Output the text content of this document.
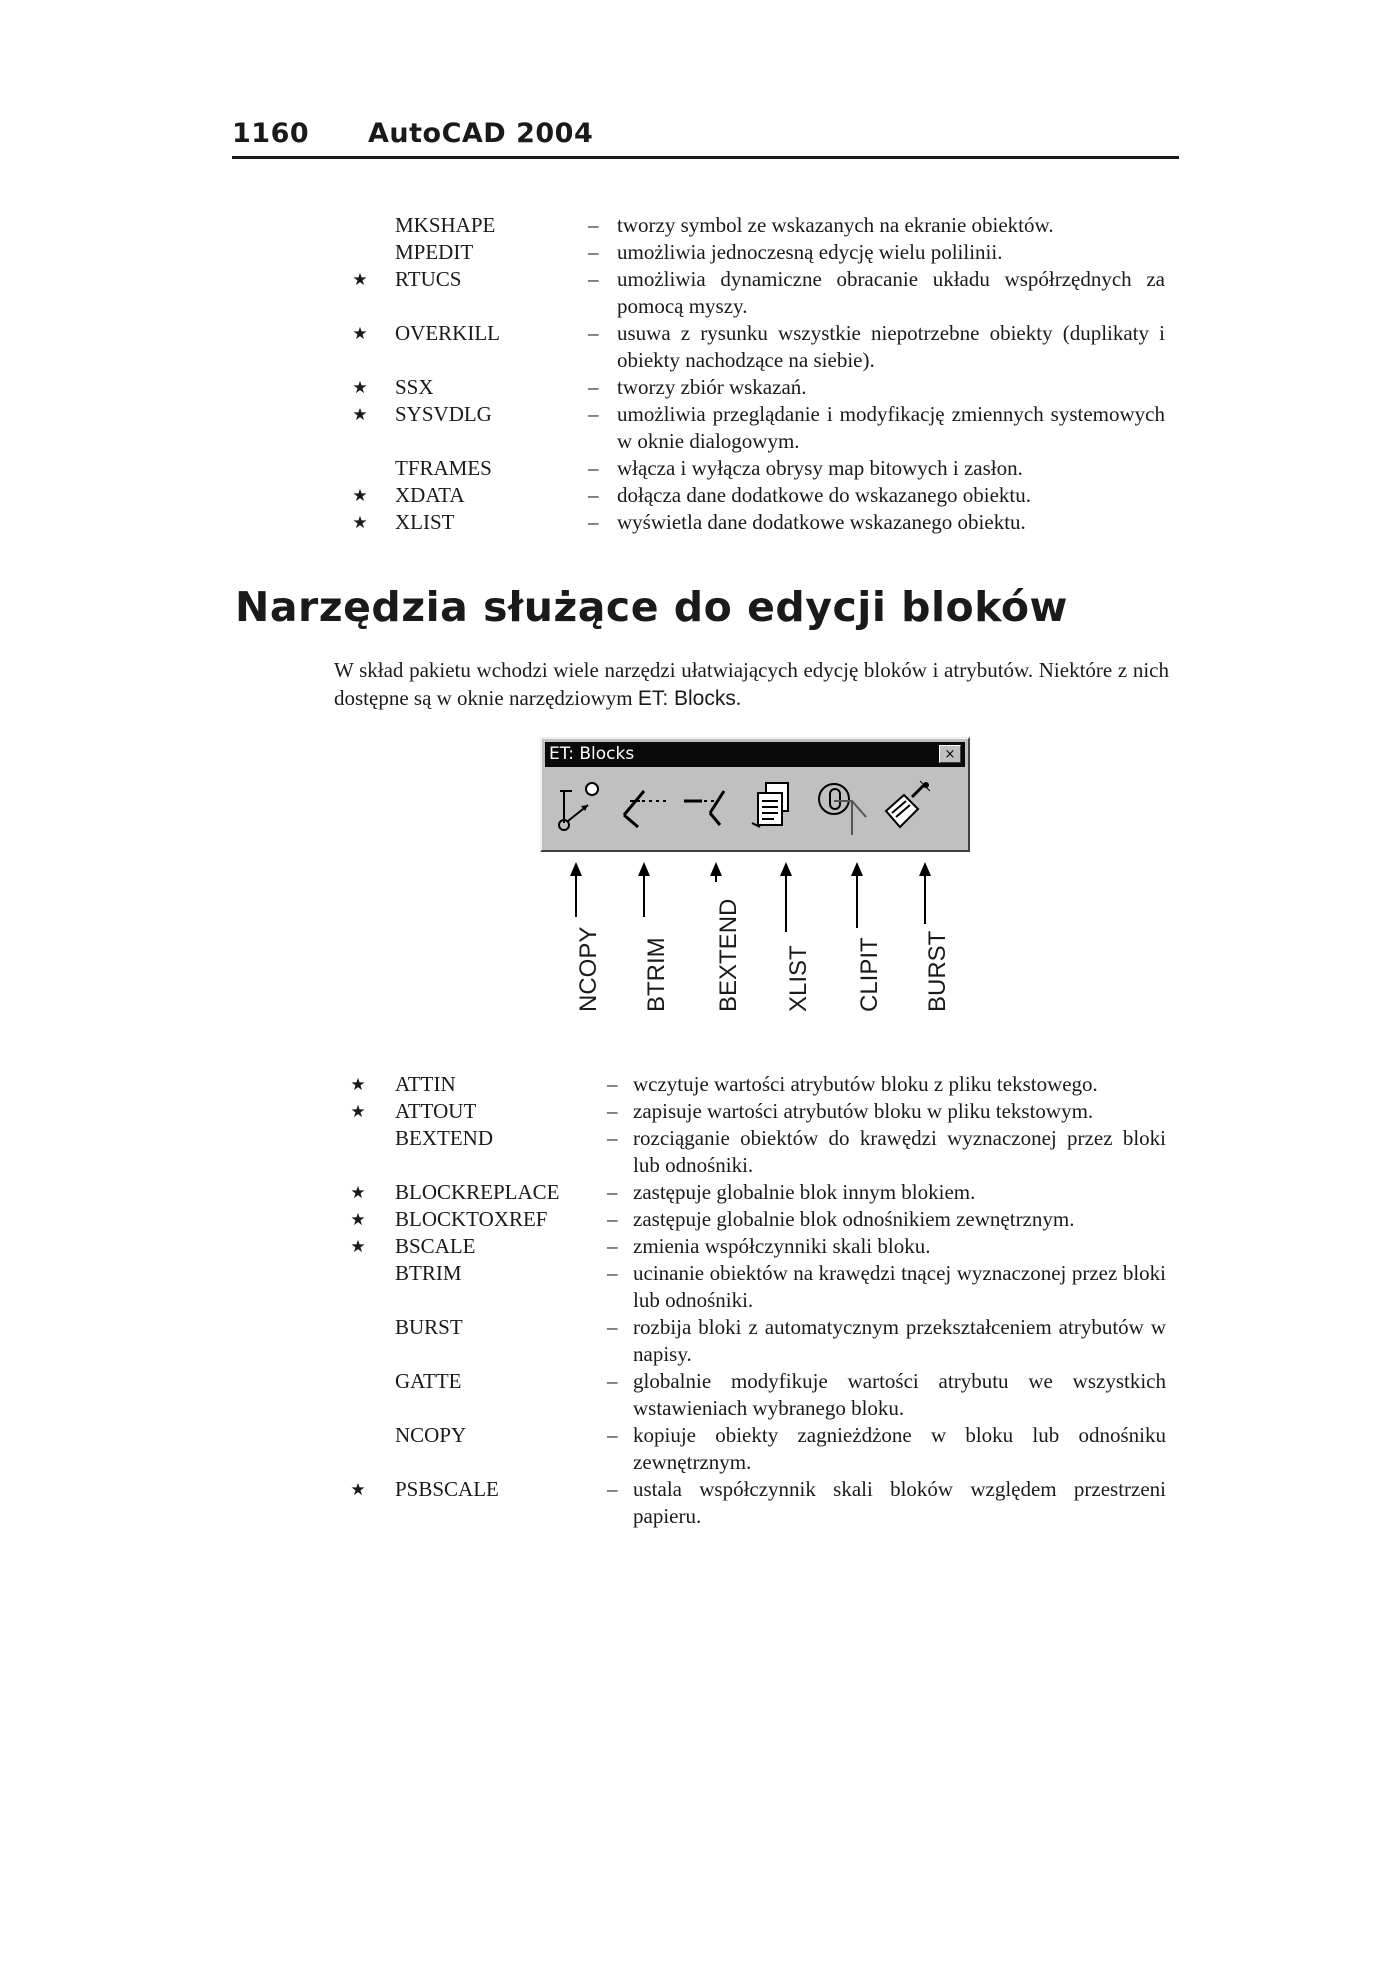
1160 AutoCAD 2004
MKSHAPE	– tworzy symbol ze wskazanych na ekranie obiektów.
MPEDIT	– umożliwia jednoczesną edycję wielu polilinii.
★ RTUCS	– umożliwia dynamiczne obracanie układu współrzędnych za pomocą myszy.
★ OVERKILL	– usuwa z rysunku wszystkie niepotrzebne obiekty (duplikaty i obiekty nachodzące na siebie).
★ SSX	– tworzy zbiór wskazań.
★ SYSVDLG	– umożliwia przeglądanie i modyfikację zmiennych systemowych w oknie dialogowym.
TFRAMES	– włącza i wyłącza obrysy map bitowych i zasłon.
★ XDATA	– dołącza dane dodatkowe do wskazanego obiektu.
★ XLIST	– wyświetla dane dodatkowe wskazanego obiektu.
Narzędzia służące do edycji bloków
W skład pakietu wchodzi wiele narzędzi ułatwiających edycję bloków i atrybutów. Niektóre z nich dostępne są w oknie narzędziowym ET: Blocks.
ET: Blocks	×
NCOPY BTRIM BEXTEND XLIST CLIPIT BURST
★ ATTIN	– wczytuje wartości atrybutów bloku z pliku tekstowego.
★ ATTOUT	– zapisuje wartości atrybutów bloku w pliku tekstowym.
BEXTEND	– rozciąganie obiektów do krawędzi wyznaczonej przez bloki lub odnośniki.
★ BLOCKREPLACE – zastępuje globalnie blok innym blokiem.
★ BLOCKTOXREF	– zastępuje globalnie blok odnośnikiem zewnętrznym.
★ BSCALE	– zmienia współczynniki skali bloku.
BTRIM	– ucinanie obiektów na krawędzi tnącej wyznaczonej przez bloki lub odnośniki.
BURST	– rozbija bloki z automatycznym przekształceniem atrybutów w napisy.
GATTE	– globalnie modyfikuje wartości atrybutu we wszystkich wstawieniach wybranego bloku.
NCOPY	– kopiuje obiekty zagnieżdżone w bloku lub odnośniku zewnętrznym.
★ PSBSCALE	– ustala współczynnik skali bloków względem przestrzeni papieru.
